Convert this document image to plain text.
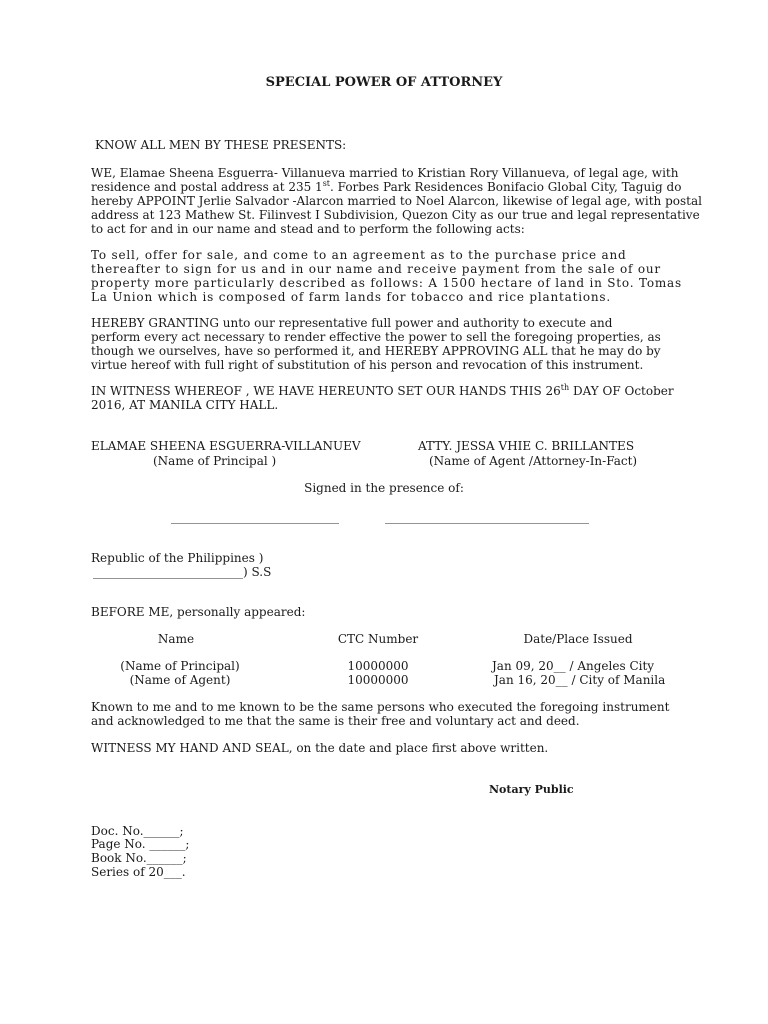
SPECIAL POWER OF ATTORNEY
KNOW ALL MEN BY THESE PRESENTS:
WE, Elamae Sheena Esguerra- Villanueva married to Kristian Rory Villanueva, of legal age, with
residence and postal address at 235 1st. Forbes Park Residences Bonifacio Global City, Taguig do
hereby APPOINT Jerlie Salvador -Alarcon married to Noel Alarcon, likewise of legal age, with postal
address at 123 Mathew St. Filinvest I Subdivision, Quezon City as our true and legal representative
to act for and in our name and stead and to perform the following acts:
To sell, offer for sale, and come to an agreement as to the purchase price and
thereafter to sign for us and in our name and receive payment from the sale of our
property more particularly described as follows: A 1500 hectare of land in Sto. Tomas
La Union which is composed of farm lands for tobacco and rice plantations.
HEREBY GRANTING unto our representative full power and authority to execute and
perform every act necessary to render effective the power to sell the foregoing properties, as
though we ourselves, have so performed it, and HEREBY APPROVING ALL that he may do by
virtue hereof with full right of substitution of his person and revocation of this instrument.
IN WITNESS WHEREOF , WE HAVE HEREUNTO SET OUR HANDS THIS 26th DAY OF October
2016, AT MANILA CITY HALL.
ELAMAE SHEENA ESGUERRA-VILLANUEV
(Name of Principal )
ATTY. JESSA VHIE C. BRILLANTES
(Name of Agent /Attorney-In-Fact)
Signed in the presence of:
____________________________	__________________________________
Republic of the Philippines )
_________________________) S.S
BEFORE ME, personally appeared:
Name	CTC Number	Date/Place Issued
(Name of Principal)	10000000	Jan 09, 20__ / Angeles City
(Name of Agent)	10000000	Jan 16, 20__ / City of Manila
Known to me and to me known to be the same persons who executed the foregoing instrument
and acknowledged to me that the same is their free and voluntary act and deed.
WITNESS MY HAND AND SEAL, on the date and place first above written.
Notary Public
Doc. No.______;
Page No. ______;
Book No.______;
Series of 20___.
